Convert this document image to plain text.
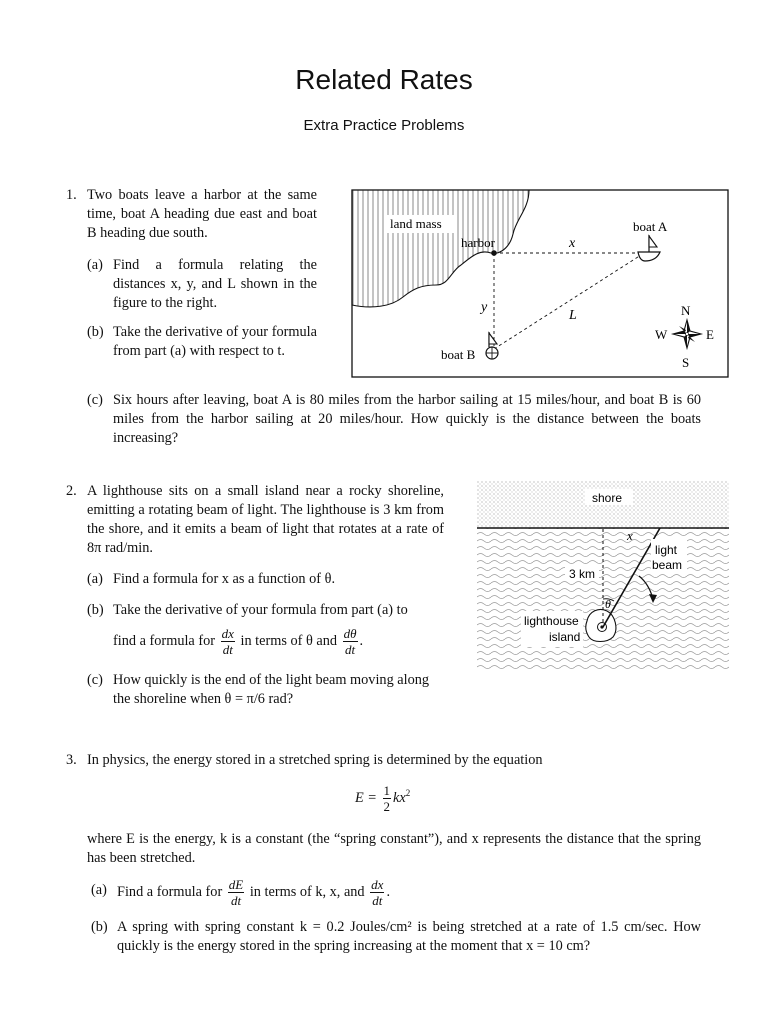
Related Rates
Extra Practice Problems
1. Two boats leave a harbor at the same time, boat A heading due east and boat B heading due south.
(a) Find a formula relating the distances x, y, and L shown in the figure to the right.
(b) Take the derivative of your formula from part (a) with respect to t.
(c) Six hours after leaving, boat A is 80 miles from the harbor sailing at 15 miles/hour, and boat B is 60 miles from the harbor sailing at 20 miles/hour. How quickly is the distance between the boats increasing?
land mass
harbor	x
y
L
boat A
boat B
N
S
E
W
2. A lighthouse sits on a small island near a rocky shoreline, emitting a rotating beam of light. The lighthouse is 3 km from the shore, and it emits a beam of light that rotates at a rate of 8π rad/min.
(a) Find a formula for x as a function of θ.
(b) Take the derivative of your formula from part (a) to
find a formula for $\frac{dx}{dt}$ in terms of θ and $\frac{d\theta}{dt}$ .
(c) How quickly is the end of the light beam moving along the shoreline when θ = π/6 rad?
shore
3 km
θ
x
light
beam
lighthouse
island
3. In physics, the energy stored in a stretched spring is determined by the equation
$E = \frac{1}{2} kx^2$
where E is the energy, k is a constant (the “spring constant”), and x represents the distance that the spring has been stretched.
(a) Find a formula for $\frac{dE}{dt}$ in terms of k, x, and $\frac{dx}{dt}$ .
(b) A spring with spring constant k = 0.2 Joules/cm² is being stretched at a rate of 1.5 cm/sec. How quickly is the energy stored in the spring increasing at the moment that x = 10 cm?
